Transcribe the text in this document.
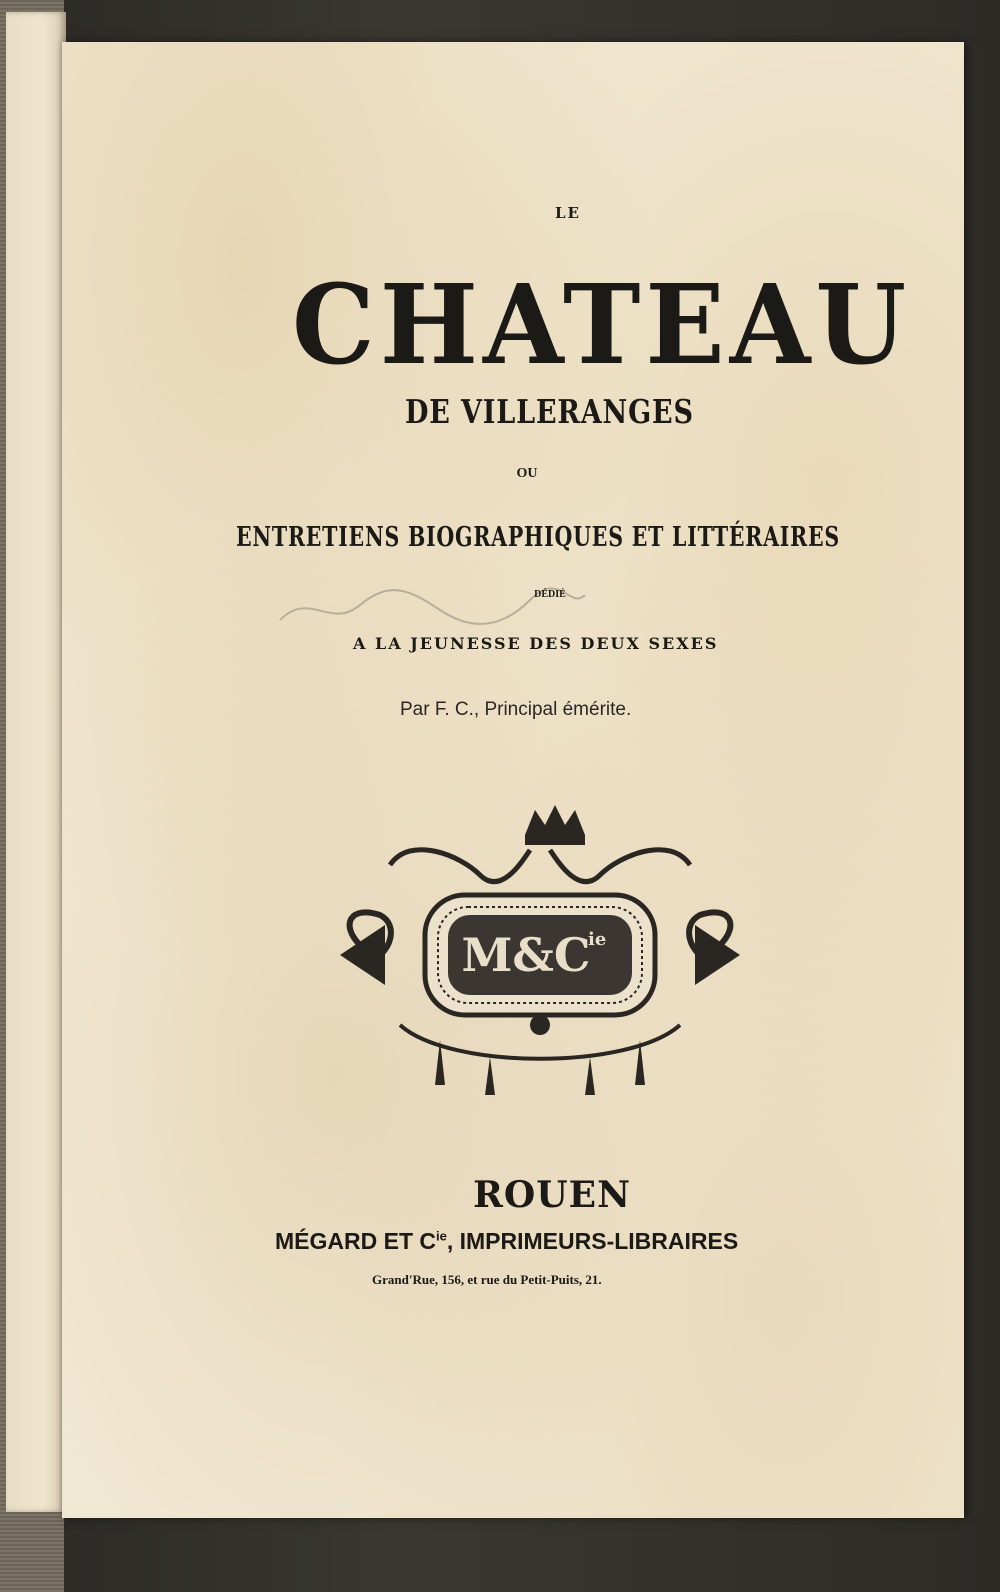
LE
CHATEAU
DE VILLERANGES
OU
ENTRETIENS BIOGRAPHIQUES ET LITTÉRAIRES
DÉDIÉ
A LA JEUNESSE DES DEUX SEXES
Par F. C., Principal émérite.
M&C
ie
ROUEN
MÉGARD ET $C^{ie}$, IMPRIMEURS-LIBRAIRES
Grand'Rue, 156, et rue du Petit-Puits, 21.
